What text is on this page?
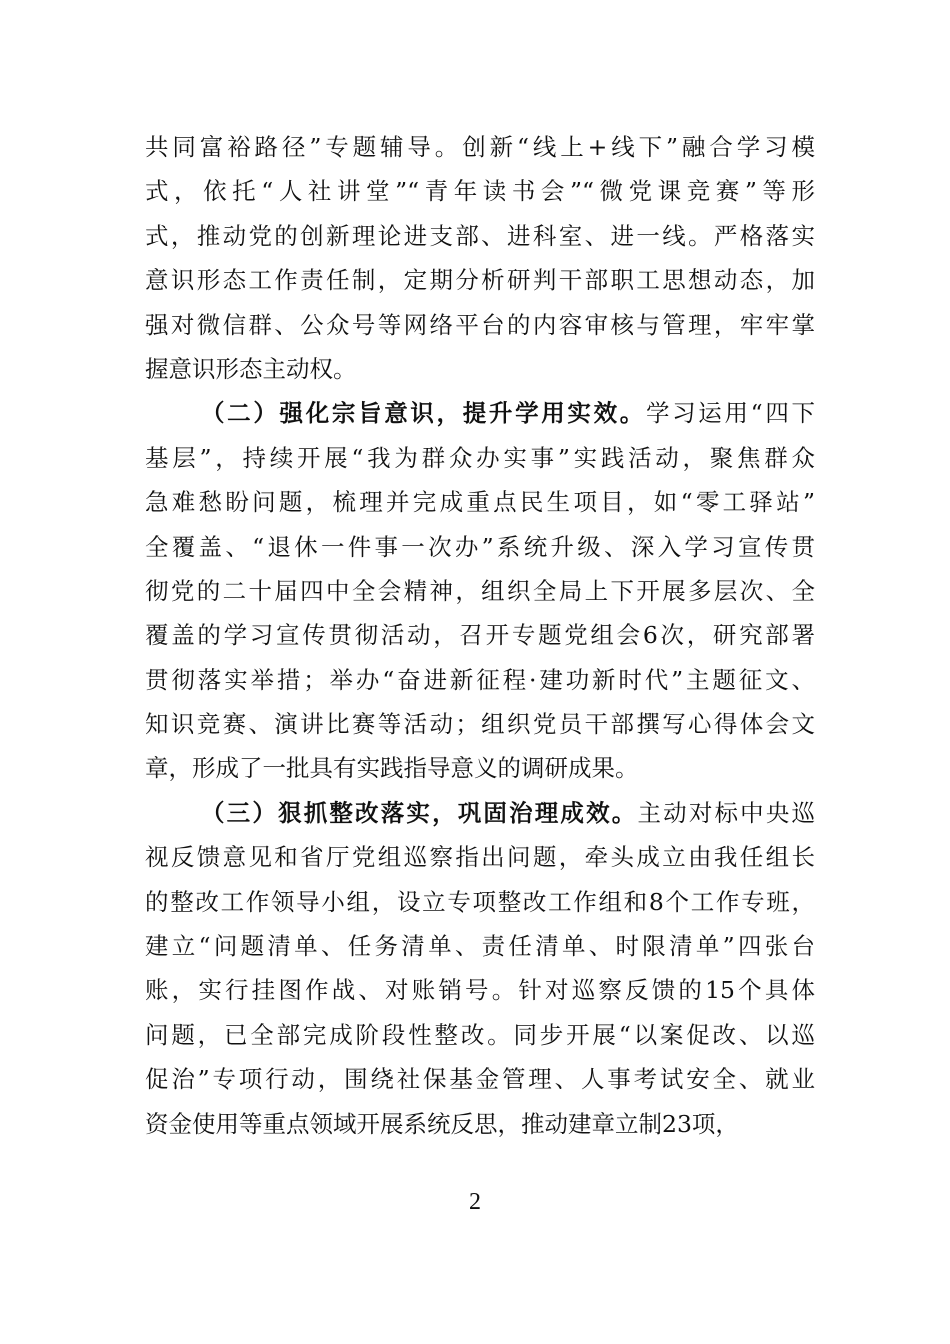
共同富裕路径”专题辅导。创新“线上+线下”融合学习模
式，依托“人社讲堂”“青年读书会”“微党课竞赛”等形
式，推动党的创新理论进支部、进科室、进一线。严格落实
意识形态工作责任制，定期分析研判干部职工思想动态，加
强对微信群、公众号等网络平台的内容审核与管理，牢牢掌
握意识形态主动权。
（二）强化宗旨意识，提升学用实效。学习运用“四下
基层”，持续开展“我为群众办实事”实践活动，聚焦群众
急难愁盼问题，梳理并完成重点民生项目，如“零工驿站”
全覆盖、“退休一件事一次办”系统升级、深入学习宣传贯
彻党的二十届四中全会精神，组织全局上下开展多层次、全
覆盖的学习宣传贯彻活动，召开专题党组会6次，研究部署
贯彻落实举措；举办“奋进新征程·建功新时代”主题征文、
知识竞赛、演讲比赛等活动；组织党员干部撰写心得体会文
章，形成了一批具有实践指导意义的调研成果。
（三）狠抓整改落实，巩固治理成效。主动对标中央巡
视反馈意见和省厅党组巡察指出问题，牵头成立由我任组长
的整改工作领导小组，设立专项整改工作组和8个工作专班，
建立“问题清单、任务清单、责任清单、时限清单”四张台
账，实行挂图作战、对账销号。针对巡察反馈的15个具体
问题，已全部完成阶段性整改。同步开展“以案促改、以巡
促治”专项行动，围绕社保基金管理、人事考试安全、就业
资金使用等重点领域开展系统反思，推动建章立制23项，
2
